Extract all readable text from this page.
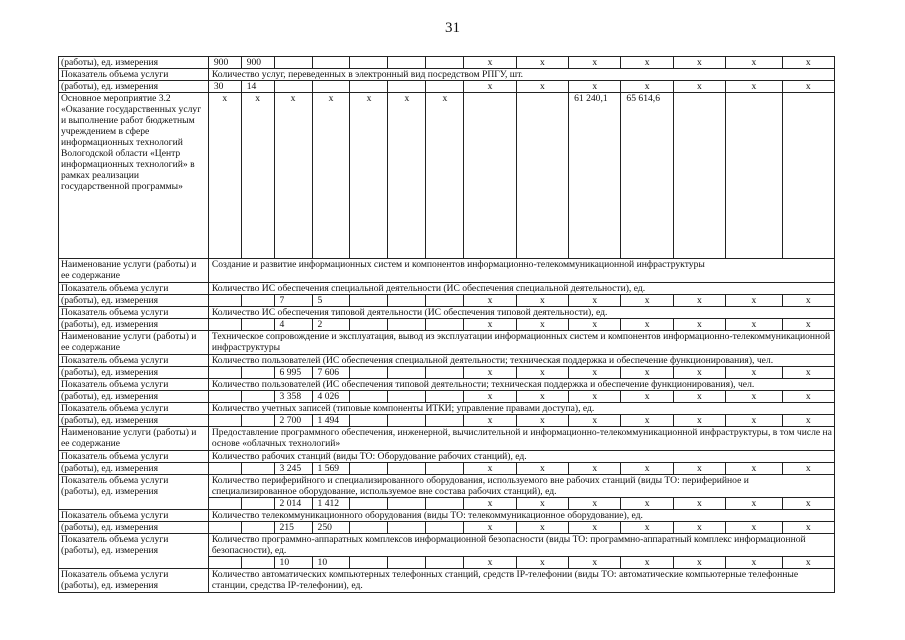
31
(работы), ед. измерения	900	900						x	x	x	x	x	x	x
Показатель объема услуги	Количество услуг, переведенных в электронный вид посредством РПГУ, шт.													
(работы), ед. измерения	30	14						x	x	x	x	x	x	x
Основное мероприятие 3.2 «Оказание государственных услуг и выполнение работ бюджетным учреждением в сфере информационных технологий Вологодской области «Центр информационных технологий» в рамках реализации государственной программы»	x	x	x	x	x	x	x			61 240,1	65 614,6			
Наименование услуги (работы) и ее содержание	Создание и развитие информационных систем и компонентов информационно-телекоммуникационной инфраструктуры													
Показатель объема услуги	Количество ИС обеспечения специальной деятельности (ИС обеспечения специальной деятельности), ед.													
(работы), ед. измерения			7	5				x	x	x	x	x	x	x
Показатель объема услуги	Количество ИС обеспечения типовой деятельности (ИС обеспечения типовой деятельности), ед.													
(работы), ед. измерения			4	2				x	x	x	x	x	x	x
Наименование услуги (работы) и ее содержание	Техническое сопровождение и эксплуатация, вывод из эксплуатации информационных систем и компонентов информационно-телекоммуникационной инфраструктуры													
Показатель объема услуги	Количество пользователей (ИС обеспечения специальной деятельности; техническая поддержка и обеспечение функционирования), чел.													
(работы), ед. измерения			6 995	7 606				x	x	x	x	x	x	x
Показатель объема услуги	Количество пользователей (ИС обеспечения типовой деятельности; техническая поддержка и обеспечение функционирования), чел.													
(работы), ед. измерения			3 358	4 026				x	x	x	x	x	x	x
Показатель объема услуги	Количество учетных записей (типовые компоненты ИТКИ; управление правами доступа), ед.													
(работы), ед. измерения			2 700	1 494				x	x	x	x	x	x	x
Наименование услуги (работы) и ее содержание	Предоставление программного обеспечения, инженерной, вычислительной и информационно-телекоммуникационной инфраструктуры, в том числе на основе «облачных технологий»													
Показатель объема услуги	Количество рабочих станций (виды ТО: Оборудование рабочих станций), ед.													
(работы), ед. измерения			3 245	1 569				x	x	x	x	x	x	x
Показатель объема услуги (работы), ед. измерения	Количество периферийного и специализированного оборудования, используемого вне рабочих станций (виды ТО: периферийное и специализированное оборудование, используемое вне состава рабочих станций), ед.													
			2 014	1 412				x	x	x	x	x	x	x
Показатель объема услуги	Количество телекоммуникационного оборудования (виды ТО: телекоммуникационное оборудование), ед.													
(работы), ед. измерения			215	250				x	x	x	x	x	x	x
Показатель объема услуги (работы), ед. измерения	Количество программно-аппаратных комплексов информационной безопасности (виды ТО: программно-аппаратный комплекс информационной безопасности), ед.													
			10	10				x	x	x	x	x	x	x
Показатель объема услуги (работы), ед. измерения	Количество автоматических компьютерных телефонных станций, средств IP-телефонии (виды ТО: автоматические компьютерные телефонные станции, средства IP-телефонии), ед.													
